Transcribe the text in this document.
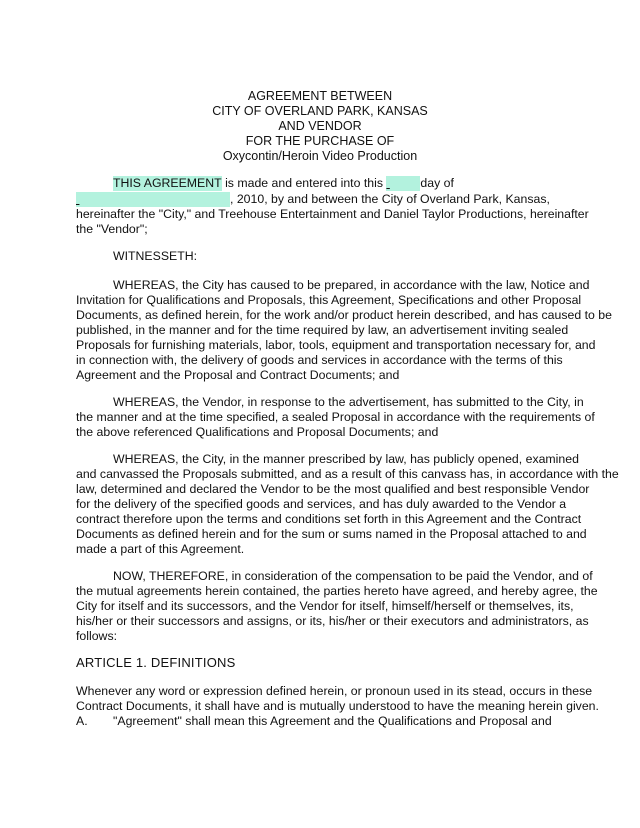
AGREEMENT BETWEEN
CITY OF OVERLAND PARK, KANSAS
AND VENDOR
FOR THE PURCHASE OF
Oxycontin/Heroin Video Production
THIS AGREEMENT is made and entered into this	day of
, 2010, by and between the City of Overland Park, Kansas,
hereinafter the "City," and Treehouse Entertainment and Daniel Taylor Productions, hereinafter
the "Vendor";
WITNESSETH:
WHEREAS, the City has caused to be prepared, in accordance with the law, Notice and
Invitation for Qualifications and Proposals, this Agreement, Specifications and other Proposal
Documents, as defined herein, for the work and/or product herein described, and has caused to be
published, in the manner and for the time required by law, an advertisement inviting sealed
Proposals for furnishing materials, labor, tools, equipment and transportation necessary for, and
in connection with, the delivery of goods and services in accordance with the terms of this
Agreement and the Proposal and Contract Documents; and
WHEREAS, the Vendor, in response to the advertisement, has submitted to the City, in
the manner and at the time specified, a sealed Proposal in accordance with the requirements of
the above referenced Qualifications and Proposal Documents; and
WHEREAS, the City, in the manner prescribed by law, has publicly opened, examined
and canvassed the Proposals submitted, and as a result of this canvass has, in accordance with the
law, determined and declared the Vendor to be the most qualified and best responsible Vendor
for the delivery of the specified goods and services, and has duly awarded to the Vendor a
contract therefore upon the terms and conditions set forth in this Agreement and the Contract
Documents as defined herein and for the sum or sums named in the Proposal attached to and
made a part of this Agreement.
NOW, THEREFORE, in consideration of the compensation to be paid the Vendor, and of
the mutual agreements herein contained, the parties hereto have agreed, and hereby agree, the
City for itself and its successors, and the Vendor for itself, himself/herself or themselves, its,
his/her or their successors and assigns, or its, his/her or their executors and administrators, as
follows:
ARTICLE 1. DEFINITIONS
Whenever any word or expression defined herein, or pronoun used in its stead, occurs in these
Contract Documents, it shall have and is mutually understood to have the meaning herein given.
A. "Agreement" shall mean this Agreement and the Qualifications and Proposal and
